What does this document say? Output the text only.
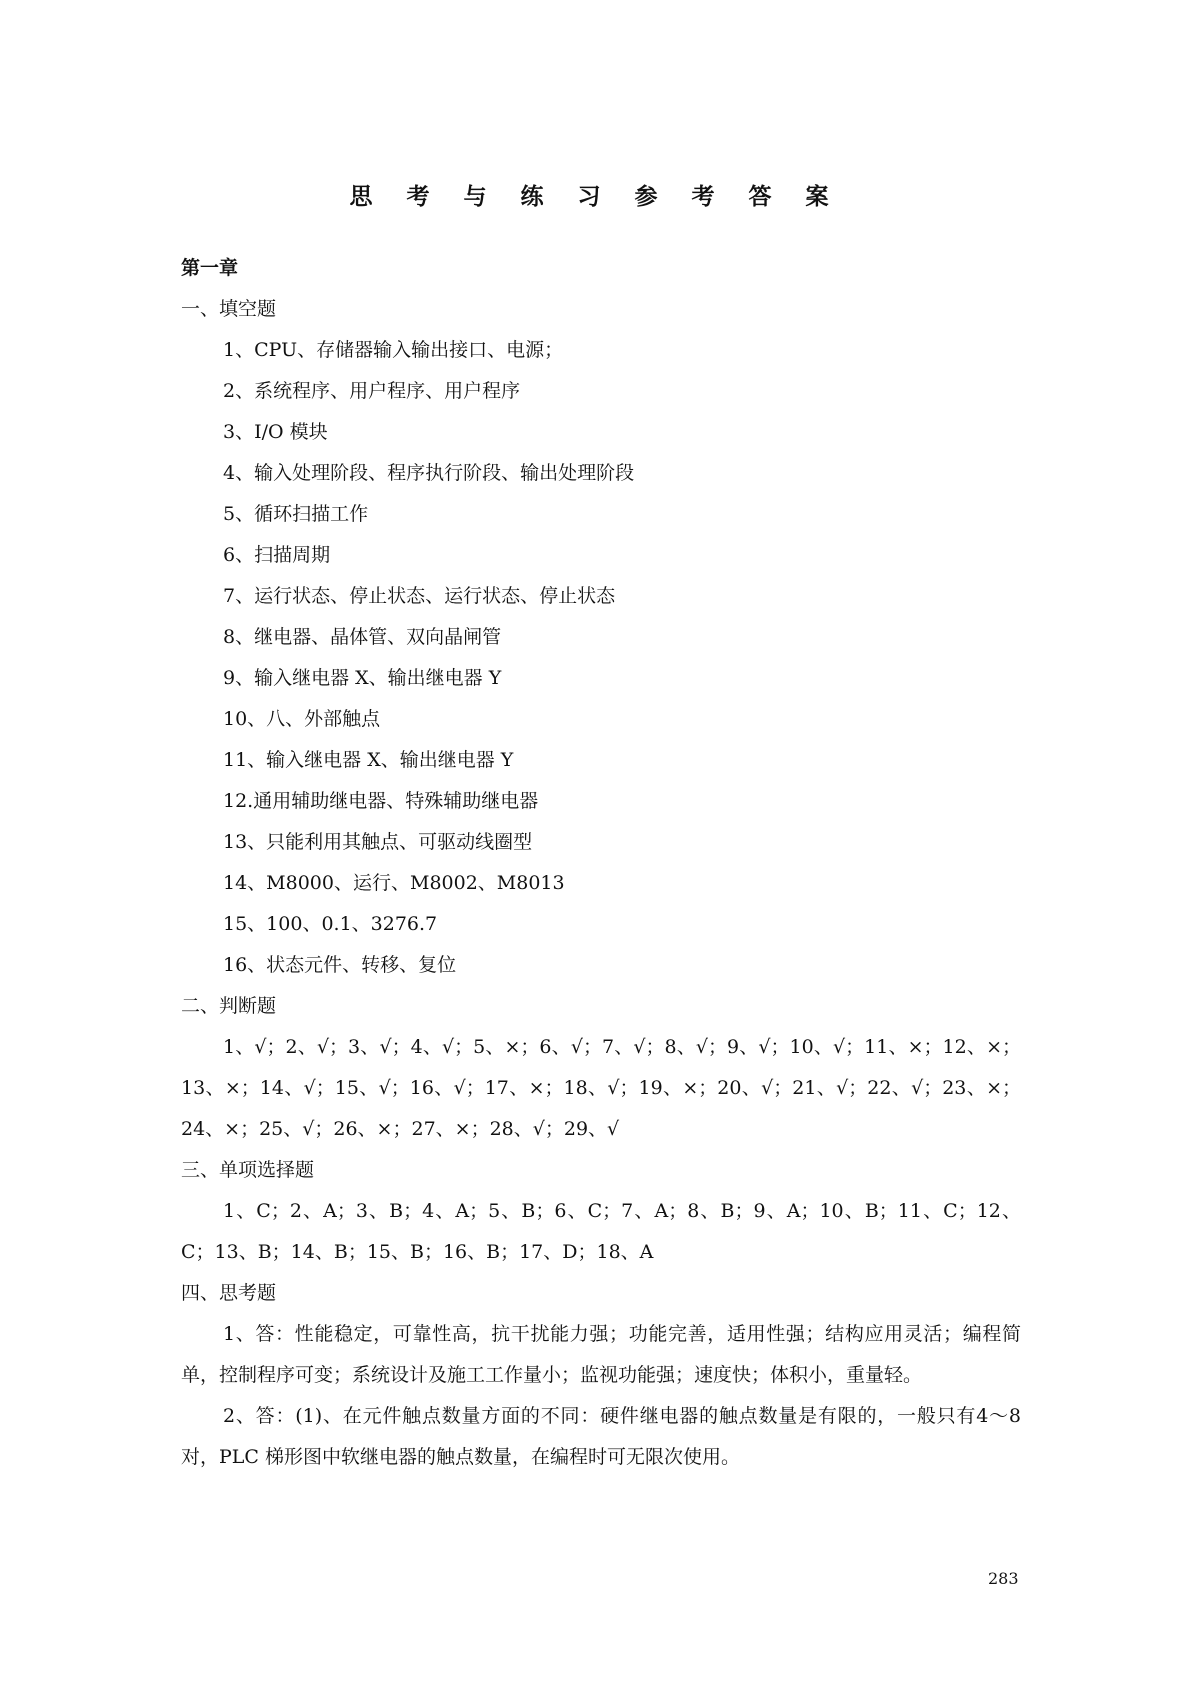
思 考 与 练 习 参 考 答 案

第一章

一、填空题

1、CPU、存储器输入输出接口、电源；

2、系统程序、用户程序、用户程序

3、I/O 模块

4、输入处理阶段、程序执行阶段、输出处理阶段

5、循环扫描工作

6、扫描周期

7、运行状态、停止状态、运行状态、停止状态

8、继电器、晶体管、双向晶闸管

9、输入继电器 X、输出继电器 Y

10、八、外部触点

11、输入继电器 X、输出继电器 Y

12.通用辅助继电器、特殊辅助继电器

13、只能利用其触点、可驱动线圈型

14、M8000、运行、M8002、M8013

15、100、0.1、3276.7

16、状态元件、转移、复位

二、判断题

1、√；2、√；3、√；4、√；5、×；6、√；7、√；8、√；9、√；10、√；11、×；12、×；13、×；14、√；15、√；16、√；17、×；18、√；19、×；20、√；21、√；22、√；23、×；24、×；25、√；26、×；27、×；28、√；29、√

三、单项选择题

1、C；2、A；3、B；4、A；5、B；6、C；7、A；8、B；9、A；10、B；11、C；12、C；13、B；14、B；15、B；16、B；17、D；18、A

四、思考题

1、答：性能稳定，可靠性高，抗干扰能力强；功能完善，适用性强；结构应用灵活；编程简单，控制程序可变；系统设计及施工工作量小；监视功能强；速度快；体积小，重量轻。

2、答：(1)、在元件触点数量方面的不同：硬件继电器的触点数量是有限的，一般只有4～8 对，PLC 梯形图中软继电器的触点数量，在编程时可无限次使用。

283
